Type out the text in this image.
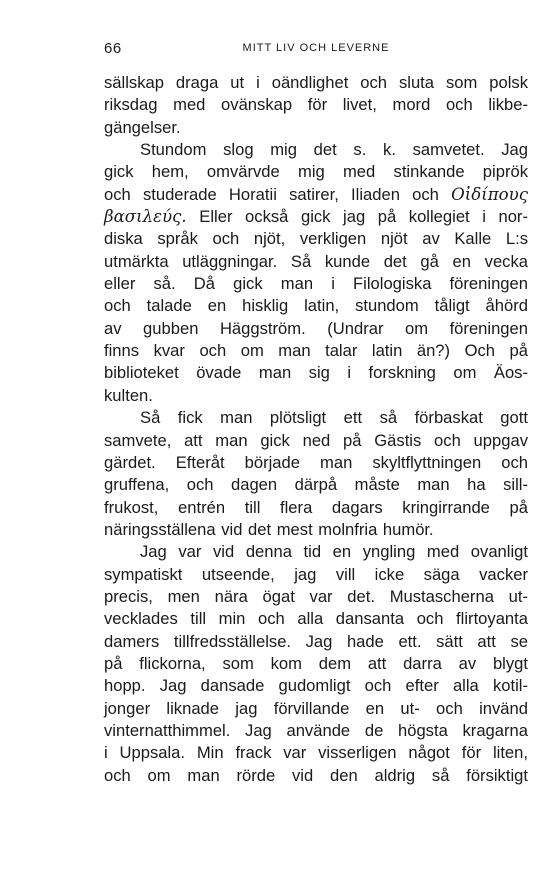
66	MITT LIV OCH LEVERNE
sällskap draga ut i oändlighet och sluta som polsk
riksdag med ovänskap för livet, mord och likbe-
gängelser.
Stundom slog mig det s. k. samvetet. Jag
gick hem, omvärvde mig med stinkande piprök
och studerade Horatii satirer, Iliaden och Οἰδίπους
βασιλεύς. Eller också gick jag på kollegiet i nor-
diska språk och njöt, verkligen njöt av Kalle L:s
utmärkta utläggningar. Så kunde det gå en vecka
eller så. Då gick man i Filologiska föreningen
och talade en hisklig latin, stundom tåligt åhörd
av gubben Häggström. (Undrar om föreningen
finns kvar och om man talar latin än?) Och på
biblioteket övade man sig i forskning om Äos-
kulten.
Så fick man plötsligt ett så förbaskat gott
samvete, att man gick ned på Gästis och uppgav
gärdet. Efteråt började man skyltflyttningen och
gruffena, och dagen därpå måste man ha sill-
frukost, entrén till flera dagars kringirrande på
näringsställena vid det mest molnfria humör.
Jag var vid denna tid en yngling med ovanligt
sympatiskt utseende, jag vill icke säga vacker
precis, men nära ögat var det. Mustascherna ut-
vecklades till min och alla dansanta och flirtoyanta
damers tillfredsställelse. Jag hade ett. sätt att se
på flickorna, som kom dem att darra av blygt
hopp. Jag dansade gudomligt och efter alla kotil-
jonger liknade jag förvillande en ut- och invänd
vinternatthimmel. Jag använde de högsta kragarna
i Uppsala. Min frack var visserligen något för liten,
och om man rörde vid den aldrig så försiktigt
